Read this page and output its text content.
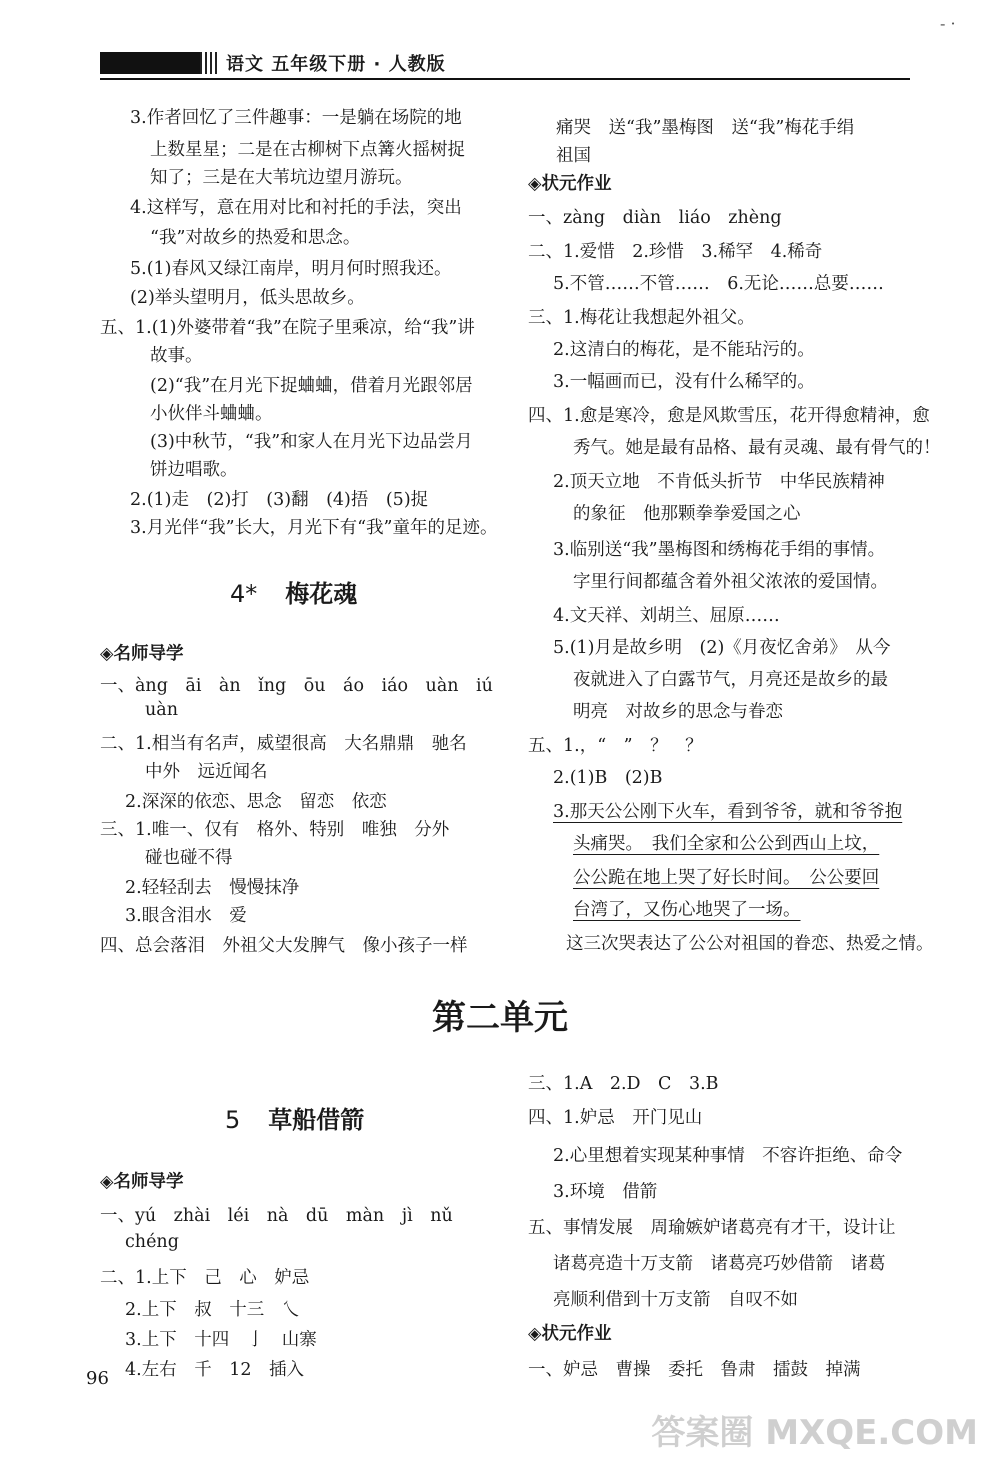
- ·
语文 五年级下册 · 人教版

3.作者回忆了三件趣事：一是躺在场院的地

上数星星；二是在古柳树下点篝火摇树捉

知了；三是在大苇坑边望月游玩。

4.这样写，意在用对比和衬托的手法，突出

“我”对故乡的热爱和思念。

5.(1)春风又绿江南岸，明月何时照我还。

(2)举头望明月，低头思故乡。

五、1.(1)外婆带着“我”在院子里乘凉，给“我”讲

故事。

(2)“我”在月光下捉蛐蛐，借着月光跟邻居

小伙伴斗蛐蛐。

(3)中秋节，“我”和家人在月光下边品尝月

饼边唱歌。

2.(1)走　(2)打　(3)翻　(4)捂　(5)捉

3.月光伴“我”长大，月光下有“我”童年的足迹。

4* 梅花魂

◈名师导学

一、àng　āi　àn　ǐng　ōu　áo　iáo　uàn　iú

uàn

二、1.相当有名声，威望很高　大名鼎鼎　驰名

中外　远近闻名

2.深深的依恋、思念　留恋　依恋

三、1.唯一、仅有　格外、特别　唯独　分外

碰也碰不得

2.轻轻刮去　慢慢抹净

3.眼含泪水　爱

四、总会落泪　外祖父大发脾气　像小孩子一样

5 草船借箭

◈名师导学

一、yú　zhài　léi　nà　dū　màn　jì　nǔ

chéng

二、1.上下　己　心　妒忌

2.上下　叔　十三　乀

3.上下　十四　亅　山寨

4.左右　千　12　插入

痛哭　送“我”墨梅图　送“我”梅花手绢

祖国

◈状元作业

一、zàng　diàn　liáo　zhèng

二、1.爱惜　2.珍惜　3.稀罕　4.稀奇

5.不管……不管……　6.无论……总要……

三、1.梅花让我想起外祖父。

2.这清白的梅花，是不能玷污的。

3.一幅画而已，没有什么稀罕的。

四、1.愈是寒冷，愈是风欺雪压，花开得愈精神，愈

秀气。她是最有品格、最有灵魂、最有骨气的！

2.顶天立地　不肯低头折节　中华民族精神

的象征　他那颗拳拳爱国之心

3.临别送“我”墨梅图和绣梅花手绢的事情。

字里行间都蕴含着外祖父浓浓的爱国情。

4.文天祥、刘胡兰、屈原……

5.(1)月是故乡明　(2)《月夜忆舍弟》　从今

夜就进入了白露节气，月亮还是故乡的最

明亮　对故乡的思念与眷恋

五、1.，“　”　？　？

2.(1)B　(2)B

3.那天公公刚下火车，看到爷爷，就和爷爷抱

头痛哭。　我们全家和公公到西山上坟，

公公跪在地上哭了好长时间。　公公要回

台湾了，又伤心地哭了一场。

这三次哭表达了公公对祖国的眷恋、热爱之情。

三、1.A　2.D　C　3.B

四、1.妒忌　开门见山

2.心里想着实现某种事情　不容许拒绝、命令

3.环境　借箭

五、事情发展　周瑜嫉妒诸葛亮有才干，设计让

诸葛亮造十万支箭　诸葛亮巧妙借箭　诸葛

亮顺利借到十万支箭　自叹不如

◈状元作业

一、妒忌　曹操　委托　鲁肃　擂鼓　掉满

第二单元
96
答案圈 MXQE.COM
